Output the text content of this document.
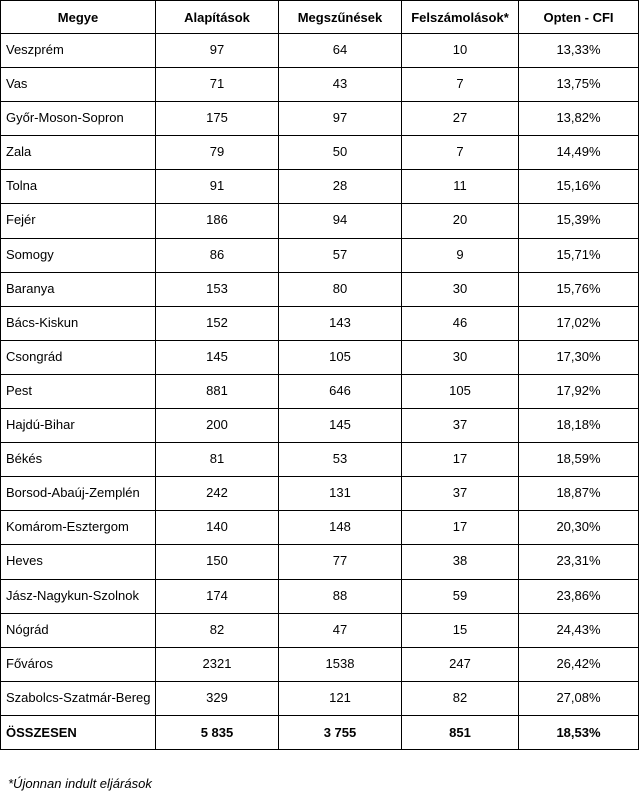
Megye	Alapítások	Megszűnések	Felszámolások*	Opten - CFI
Veszprém	97	64	10	13,33%
Vas	71	43	7	13,75%
Győr-Moson-Sopron	175	97	27	13,82%
Zala	79	50	7	14,49%
Tolna	91	28	11	15,16%
Fejér	186	94	20	15,39%
Somogy	86	57	9	15,71%
Baranya	153	80	30	15,76%
Bács-Kiskun	152	143	46	17,02%
Csongrád	145	105	30	17,30%
Pest	881	646	105	17,92%
Hajdú-Bihar	200	145	37	18,18%
Békés	81	53	17	18,59%
Borsod-Abaúj-Zemplén	242	131	37	18,87%
Komárom-Esztergom	140	148	17	20,30%
Heves	150	77	38	23,31%
Jász-Nagykun-Szolnok	174	88	59	23,86%
Nógrád	82	47	15	24,43%
Főváros	2321	1538	247	26,42%
Szabolcs-Szatmár-Bereg	329	121	82	27,08%
ÖSSZESEN	5 835	3 755	851	18,53%
*Újonnan indult eljárások
